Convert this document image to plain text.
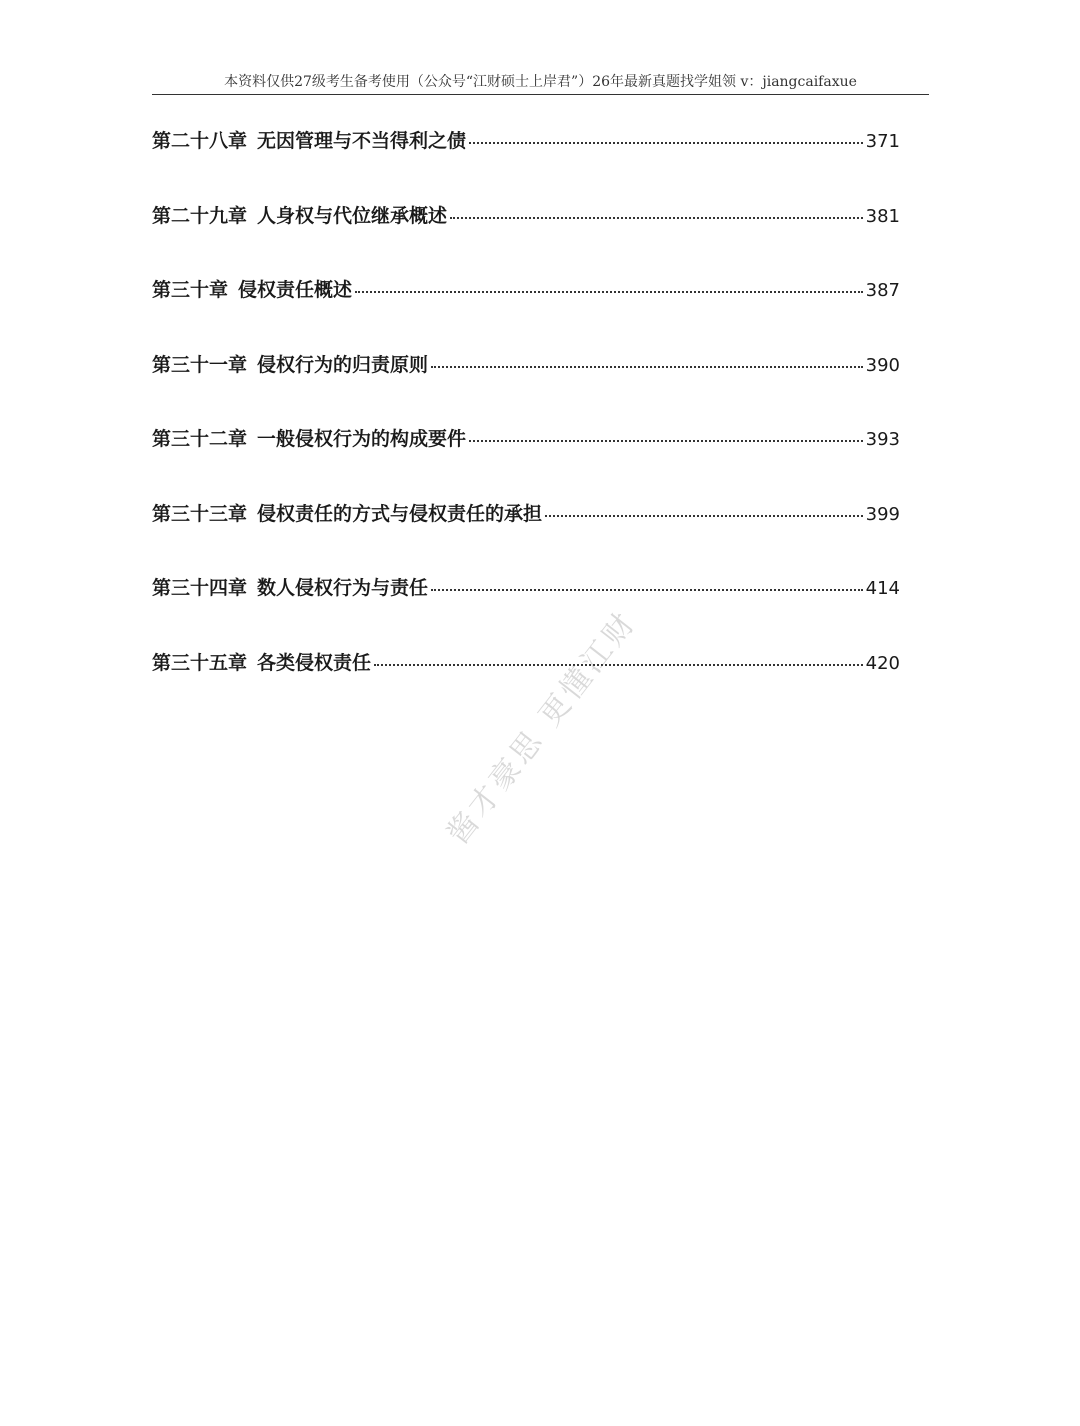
本资料仅供27级考生备考使用（公众号“江财硕士上岸君”）26年最新真题找学姐领 v：jiangcaifaxue
第二十八章 无因管理与不当得利之债	371
第二十九章 人身权与代位继承概述	381
第三十章 侵权责任概述	387
第三十一章 侵权行为的归责原则	390
第三十二章 一般侵权行为的构成要件	393
第三十三章 侵权责任的方式与侵权责任的承担	399
第三十四章 数人侵权行为与责任	414
第三十五章 各类侵权责任	420
酱才豪思 更懂江财
